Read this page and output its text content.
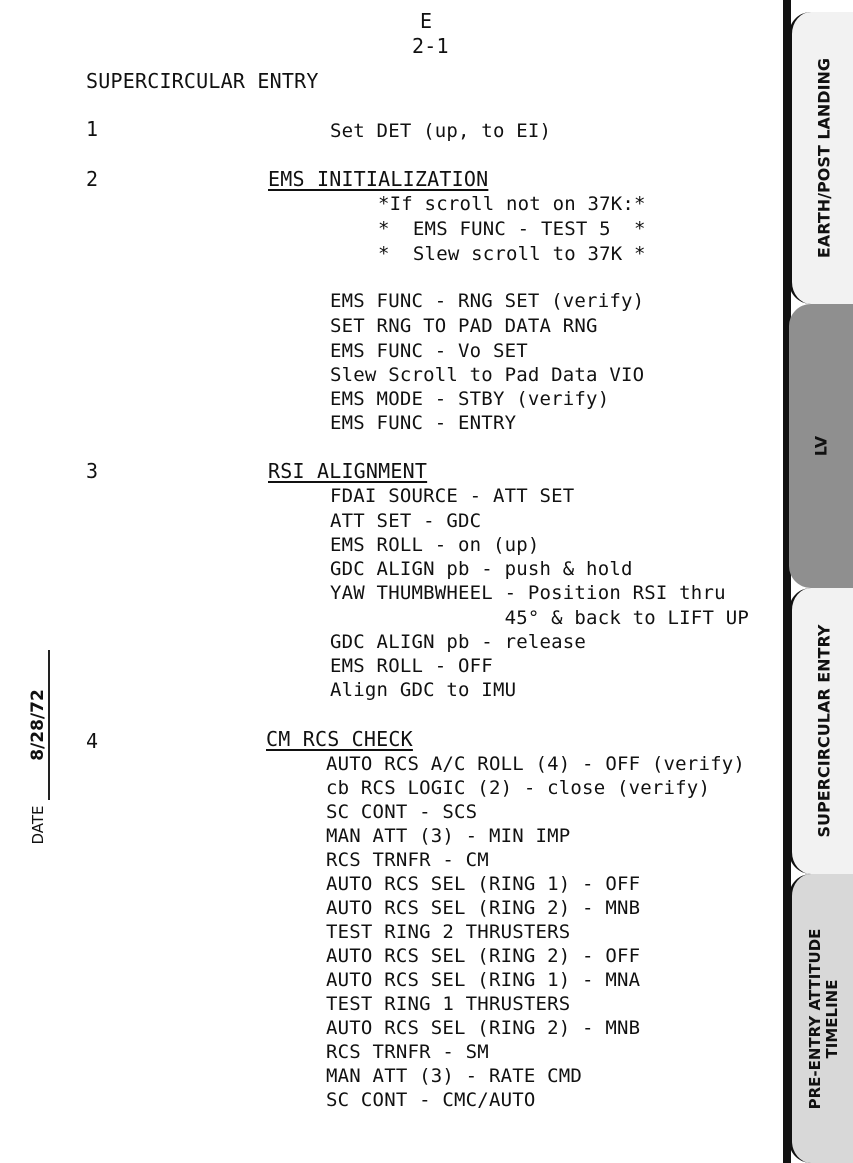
E
2-1
SUPERCIRCULAR ENTRY
1	Set DET (up, to EI)
2	EMS INITIALIZATION
*If scroll not on 37K:*
*  EMS FUNC - TEST 5  *
*  Slew scroll to 37K *
EMS FUNC - RNG SET (verify)
SET RNG TO PAD DATA RNG
EMS FUNC - Vo SET
Slew Scroll to Pad Data VIO
EMS MODE - STBY (verify)
EMS FUNC - ENTRY
3	RSI ALIGNMENT
FDAI SOURCE - ATT SET
ATT SET - GDC
EMS ROLL - on (up)
GDC ALIGN pb - push & hold
YAW THUMBWHEEL - Position RSI thru
45° & back to LIFT UP
GDC ALIGN pb - release
EMS ROLL - OFF
Align GDC to IMU
4	CM RCS CHECK
AUTO RCS A/C ROLL (4) - OFF (verify)
cb RCS LOGIC (2) - close (verify)
SC CONT - SCS
MAN ATT (3) - MIN IMP
RCS TRNFR - CM
AUTO RCS SEL (RING 1) - OFF
AUTO RCS SEL (RING 2) - MNB
TEST RING 2 THRUSTERS
AUTO RCS SEL (RING 2) - OFF
AUTO RCS SEL (RING 1) - MNA
TEST RING 1 THRUSTERS
AUTO RCS SEL (RING 2) - MNB
RCS TRNFR - SM
MAN ATT (3) - RATE CMD
SC CONT - CMC/AUTO
8/28/72
DATE
EARTH/POST LANDING
LV
SUPERCIRCULAR ENTRY
PRE-ENTRY ATTITUDE
TIMELINE
